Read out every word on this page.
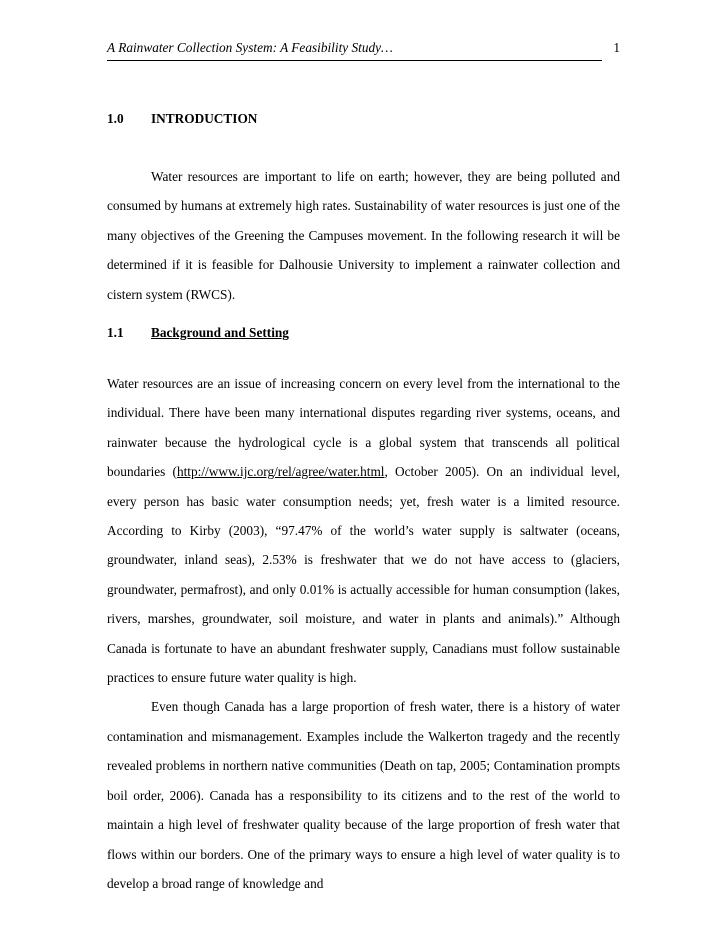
A Rainwater Collection System: A Feasibility Study…	1
1.0 INTRODUCTION

Water resources are important to life on earth; however, they are being polluted and consumed by humans at extremely high rates. Sustainability of water resources is just one of the many objectives of the Greening the Campuses movement. In the following research it will be determined if it is feasible for Dalhousie University to implement a rainwater collection and cistern system (RWCS).

1.1 Background and Setting

Water resources are an issue of increasing concern on every level from the international to the individual. There have been many international disputes regarding river systems, oceans, and rainwater because the hydrological cycle is a global system that transcends all political boundaries (http://www.ijc.org/rel/agree/water.html, October 2005). On an individual level, every person has basic water consumption needs; yet, fresh water is a limited resource. According to Kirby (2003), “97.47% of the world’s water supply is saltwater (oceans, groundwater, inland seas), 2.53% is freshwater that we do not have access to (glaciers, groundwater, permafrost), and only 0.01% is actually accessible for human consumption (lakes, rivers, marshes, groundwater, soil moisture, and water in plants and animals).” Although Canada is fortunate to have an abundant freshwater supply, Canadians must follow sustainable practices to ensure future water quality is high.

Even though Canada has a large proportion of fresh water, there is a history of water contamination and mismanagement. Examples include the Walkerton tragedy and the recently revealed problems in northern native communities (Death on tap, 2005; Contamination prompts boil order, 2006). Canada has a responsibility to its citizens and to the rest of the world to maintain a high level of freshwater quality because of the large proportion of fresh water that flows within our borders. One of the primary ways to ensure a high level of water quality is to develop a broad range of knowledge and
